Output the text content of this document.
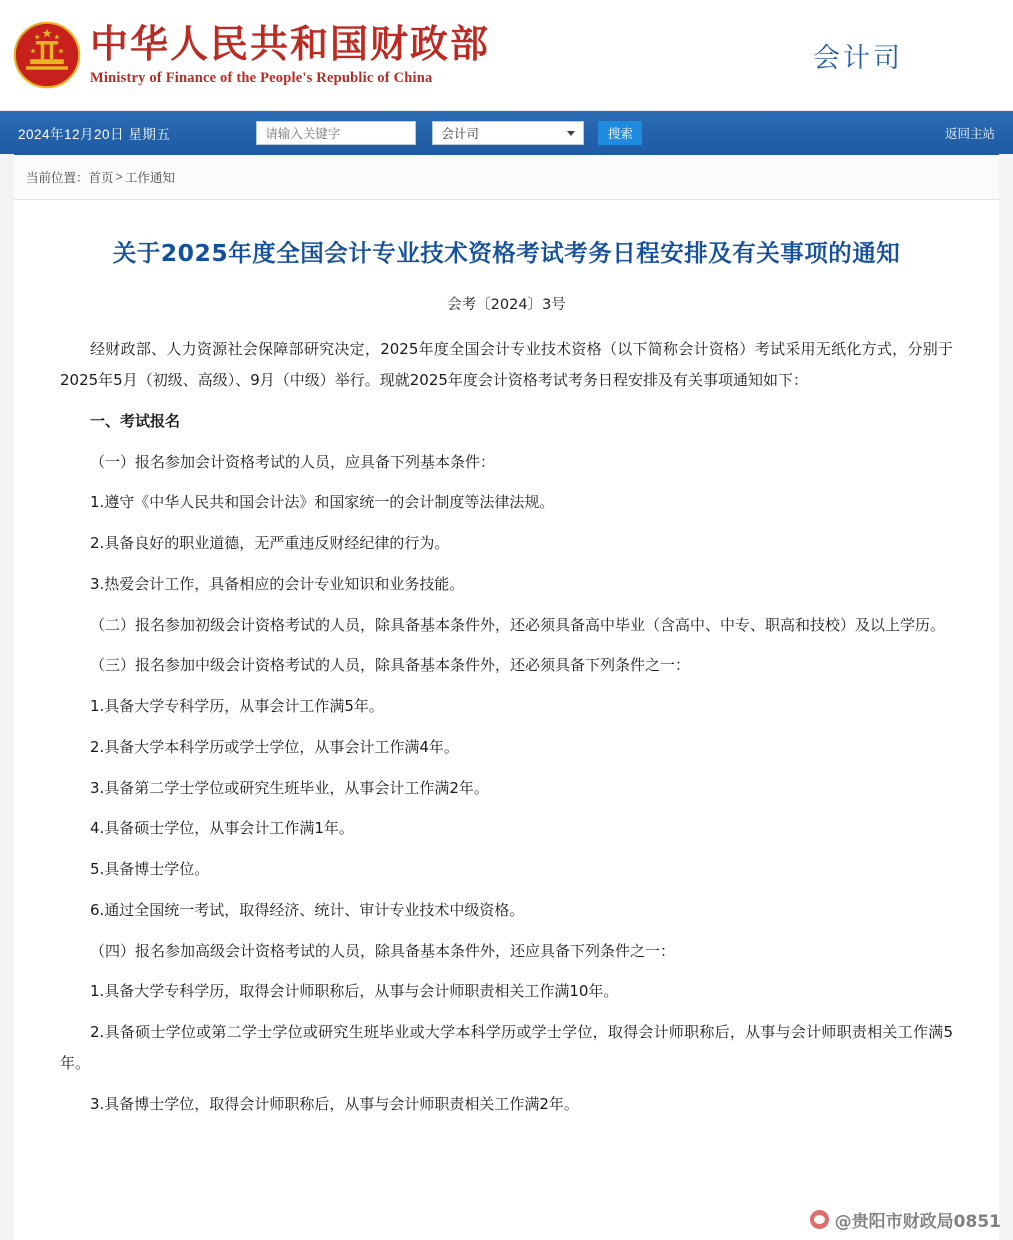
中华人民共和国财政部
Ministry of Finance of the People's Republic of China
会计司
2024年12月20日 星期五
请输入关键字	会计司	搜索	返回主站
当前位置： 首页 > 工作通知
关于2025年度全国会计专业技术资格考试考务日程安排及有关事项的通知
会考〔2024〕3号

经财政部、人力资源社会保障部研究决定，2025年度全国会计专业技术资格（以下简称会计资格）考试采用无纸化方式，分别于2025年5月（初级、高级）、9月（中级）举行。现就2025年度会计资格考试考务日程安排及有关事项通知如下：

一、考试报名

（一）报名参加会计资格考试的人员，应具备下列基本条件：

1.遵守《中华人民共和国会计法》和国家统一的会计制度等法律法规。

2.具备良好的职业道德，无严重违反财经纪律的行为。

3.热爱会计工作，具备相应的会计专业知识和业务技能。

（二）报名参加初级会计资格考试的人员，除具备基本条件外，还必须具备高中毕业（含高中、中专、职高和技校）及以上学历。

（三）报名参加中级会计资格考试的人员，除具备基本条件外，还必须具备下列条件之一：

1.具备大学专科学历，从事会计工作满5年。

2.具备大学本科学历或学士学位，从事会计工作满4年。

3.具备第二学士学位或研究生班毕业，从事会计工作满2年。

4.具备硕士学位，从事会计工作满1年。

5.具备博士学位。

6.通过全国统一考试，取得经济、统计、审计专业技术中级资格。

（四）报名参加高级会计资格考试的人员，除具备基本条件外，还应具备下列条件之一：

1.具备大学专科学历，取得会计师职称后，从事与会计师职责相关工作满10年。

2.具备硕士学位或第二学士学位或研究生班毕业或大学本科学历或学士学位，取得会计师职称后，从事与会计师职责相关工作满5年。

3.具备博士学位，取得会计师职称后，从事与会计师职责相关工作满2年。

@贵阳市财政局0851
